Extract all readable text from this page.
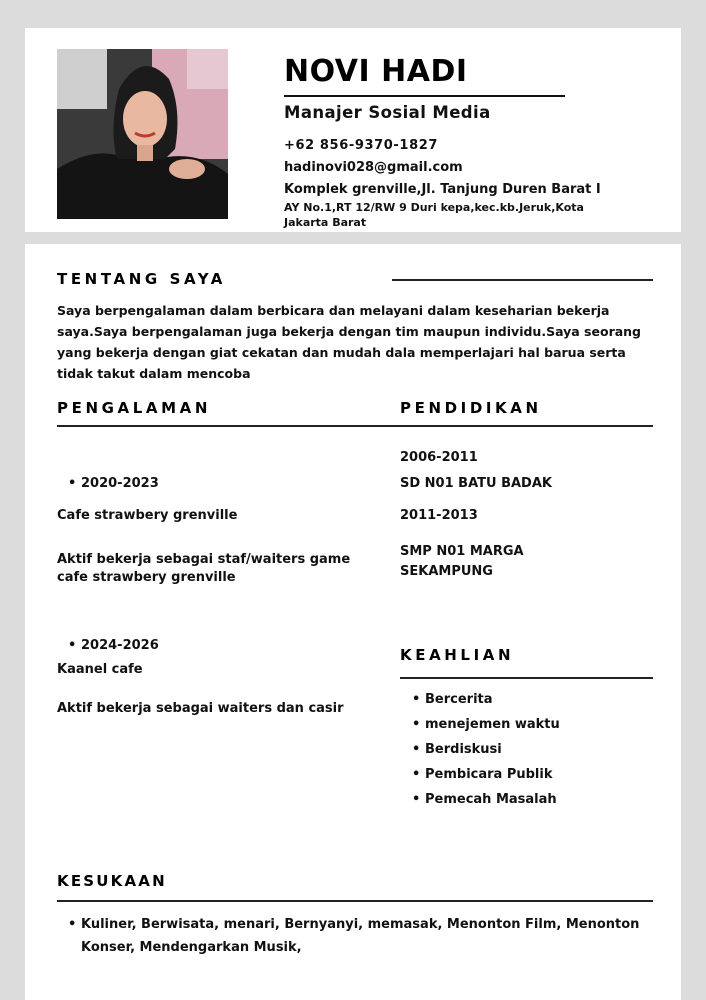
NOVI HADI
Manajer Sosial Media
+62 856-9370-1827
hadinovi028@gmail.com
Komplek grenville,Jl. Tanjung Duren Barat I
AY No.1,RT 12/RW 9 Duri kepa,kec.kb.Jeruk,Kota Jakarta Barat
TENTANG SAYA
Saya berpengalaman dalam berbicara dan melayani dalam keseharian bekerja saya.Saya berpengalaman juga bekerja dengan tim maupun individu.Saya seorang yang bekerja dengan giat cekatan dan mudah dala memperlajari hal barua serta tidak takut dalam mencoba
PENGALAMAN	PENDIDIKAN
• 2020-2023
Cafe strawbery grenville
Aktif bekerja sebagai staf/waiters game cafe strawbery grenville
• 2024-2026
Kaanel cafe
Aktif bekerja sebagai waiters dan casir
2006-2011
SD N01 BATU BADAK
2011-2013
SMP N01 MARGA SEKAMPUNG
KEAHLIAN
• Bercerita
• menejemen waktu
• Berdiskusi
• Pembicara Publik
• Pemecah Masalah
KESUKAAN
• Kuliner, Berwisata, menari, Bernyanyi, memasak, Menonton Film, Menonton Konser, Mendengarkan Musik,
